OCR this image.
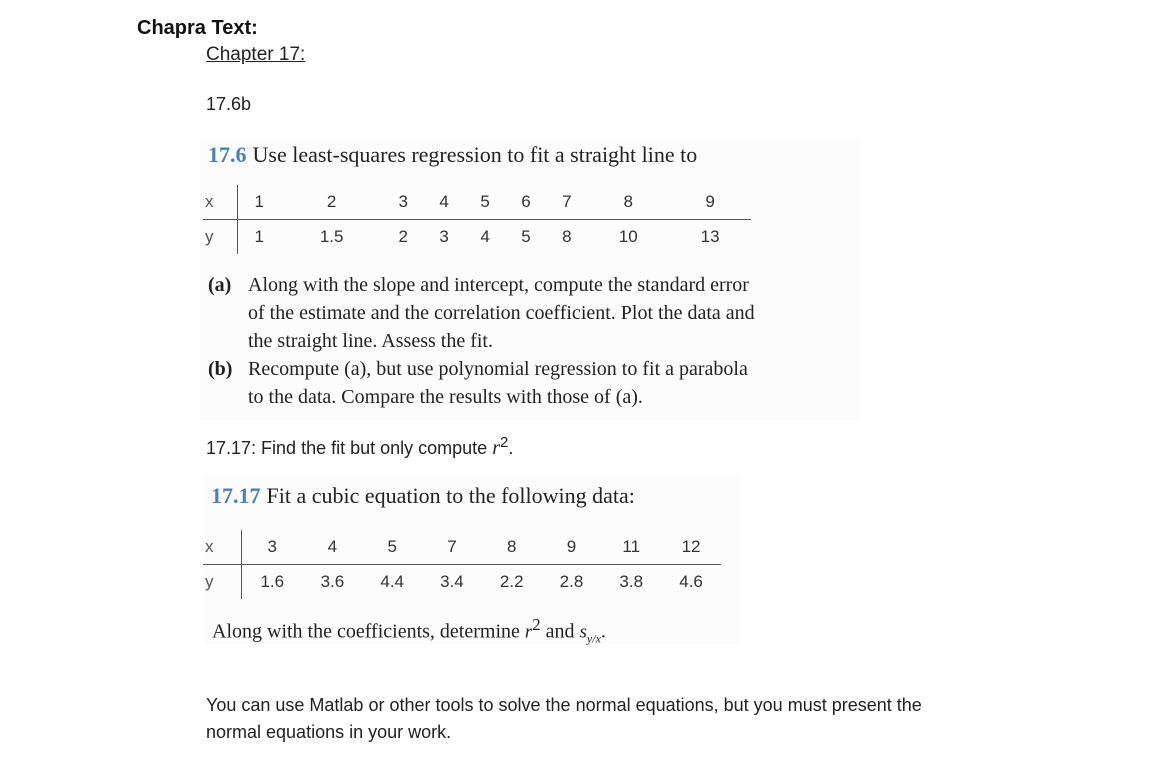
Chapra Text:
Chapter 17:
17.6b
17.6 Use least-squares regression to fit a straight line to
x	1	2	3	4	5	6	7	8	9
y	1	1.5	2	3	4	5	8	10	13
(a) Along with the slope and intercept, compute the standard error
of the estimate and the correlation coefficient. Plot the data and
the straight line. Assess the fit.
(b) Recompute (a), but use polynomial regression to fit a parabola
to the data. Compare the results with those of (a).
17.17: Find the fit but only compute $r^2$.
17.17 Fit a cubic equation to the following data:
x	3	4	5	7	8	9	11	12
y	1.6	3.6	4.4	3.4	2.2	2.8	3.8	4.6
Along with the coefficients, determine $r^2$ and $s_{y/x}$.
You can use Matlab or other tools to solve the normal equations, but you must present the
normal equations in your work.
